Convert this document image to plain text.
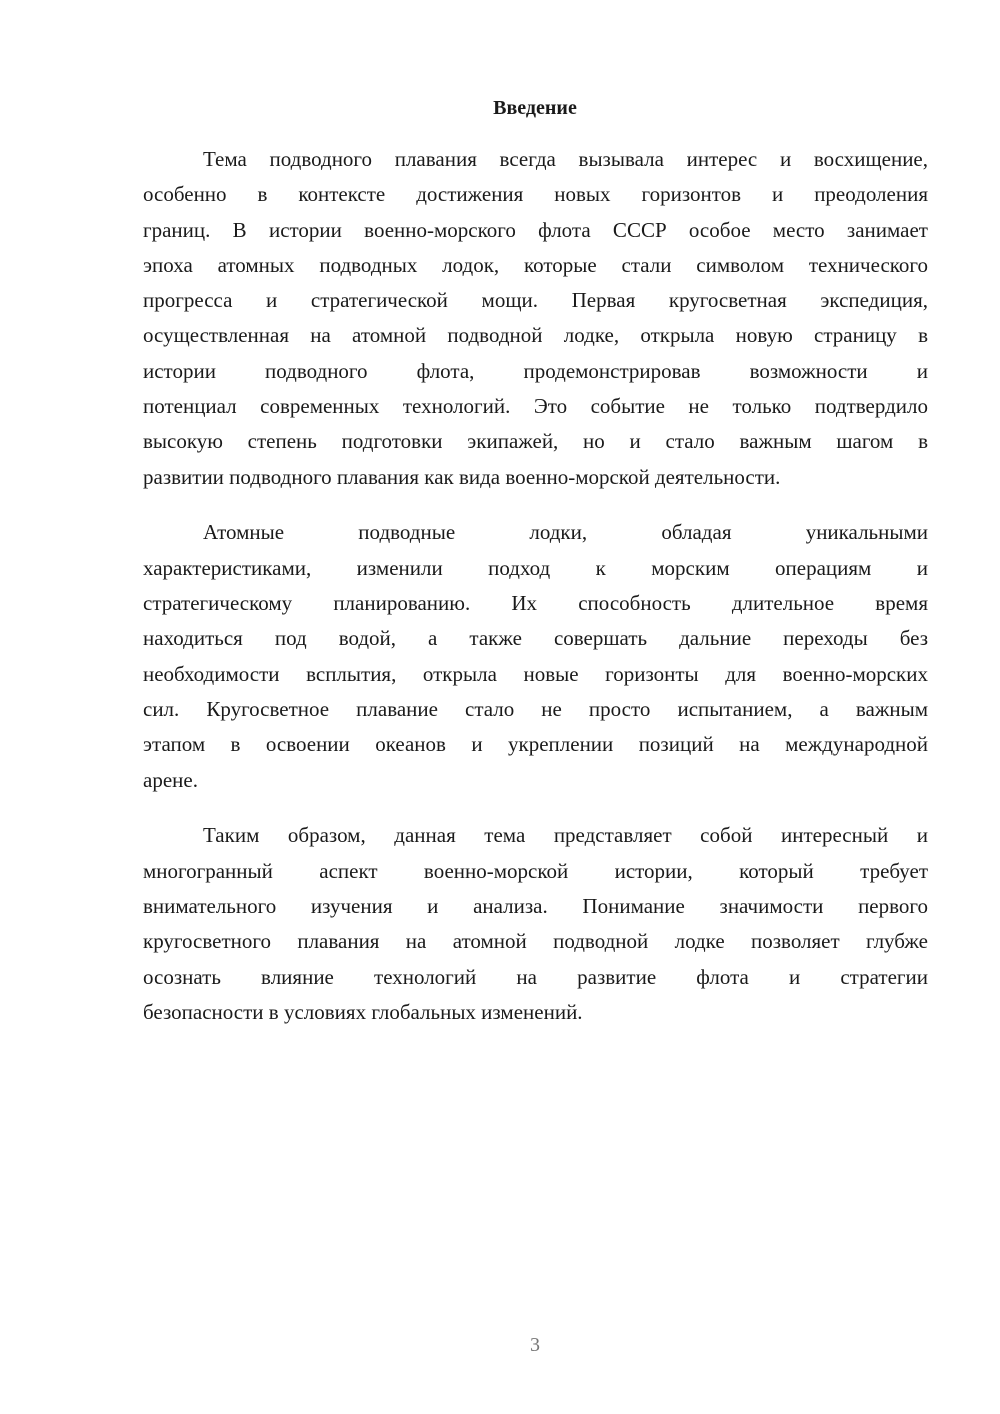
Введение
Тема подводного плавания всегда вызывала интерес и восхищение,
особенно в контексте достижения новых горизонтов и преодоления
границ. В истории военно-морского флота СССР особое место занимает
эпоха атомных подводных лодок, которые стали символом технического
прогресса и стратегической мощи. Первая кругосветная экспедиция,
осуществленная на атомной подводной лодке, открыла новую страницу в
истории подводного флота, продемонстрировав возможности и
потенциал современных технологий. Это событие не только подтвердило
высокую степень подготовки экипажей, но и стало важным шагом в
развитии подводного плавания как вида военно-морской деятельности.
Атомные подводные лодки, обладая уникальными
характеристиками, изменили подход к морским операциям и
стратегическому планированию. Их способность длительное время
находиться под водой, а также совершать дальние переходы без
необходимости всплытия, открыла новые горизонты для военно-морских
сил. Кругосветное плавание стало не просто испытанием, а важным
этапом в освоении океанов и укреплении позиций на международной
арене.
Таким образом, данная тема представляет собой интересный и
многогранный аспект военно-морской истории, который требует
внимательного изучения и анализа. Понимание значимости первого
кругосветного плавания на атомной подводной лодке позволяет глубже
осознать влияние технологий на развитие флота и стратегии
безопасности в условиях глобальных изменений.
3
